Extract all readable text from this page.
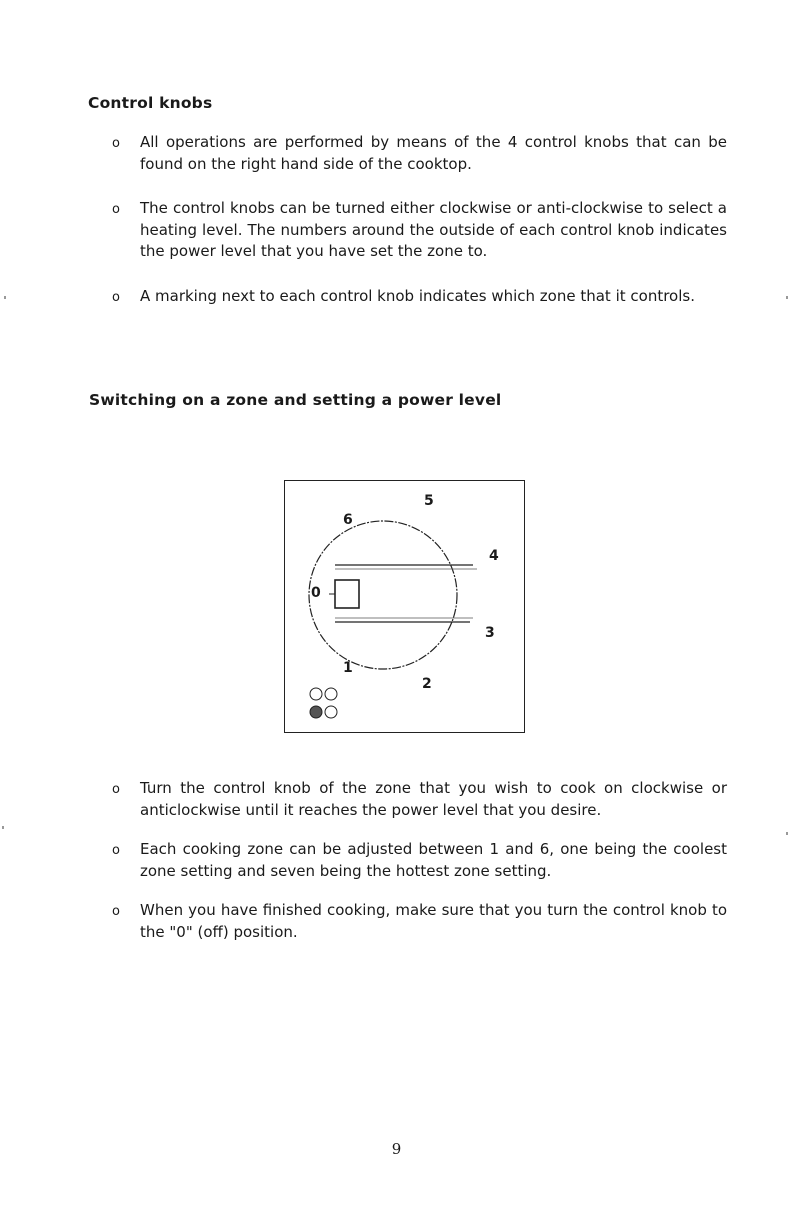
Control knobs
o All operations are performed by means of the 4 control knobs that can be found on the right hand side of the cooktop.
o The control knobs can be turned either clockwise or anti-clockwise to select a heating level. The numbers around the outside of each control knob indicates the power level that you have set the zone to.
o A marking next to each control knob indicates which zone that it controls.
Switching on a zone and setting a power level
5
6
4
0
3
1
2
o Turn the control knob of the zone that you wish to cook on clockwise or anticlockwise until it reaches the power level that you desire.
o Each cooking zone can be adjusted between 1 and 6, one being the coolest zone setting and seven being the hottest zone setting.
o When you have finished cooking, make sure that you turn the control knob to the "0" (off) position.
9
